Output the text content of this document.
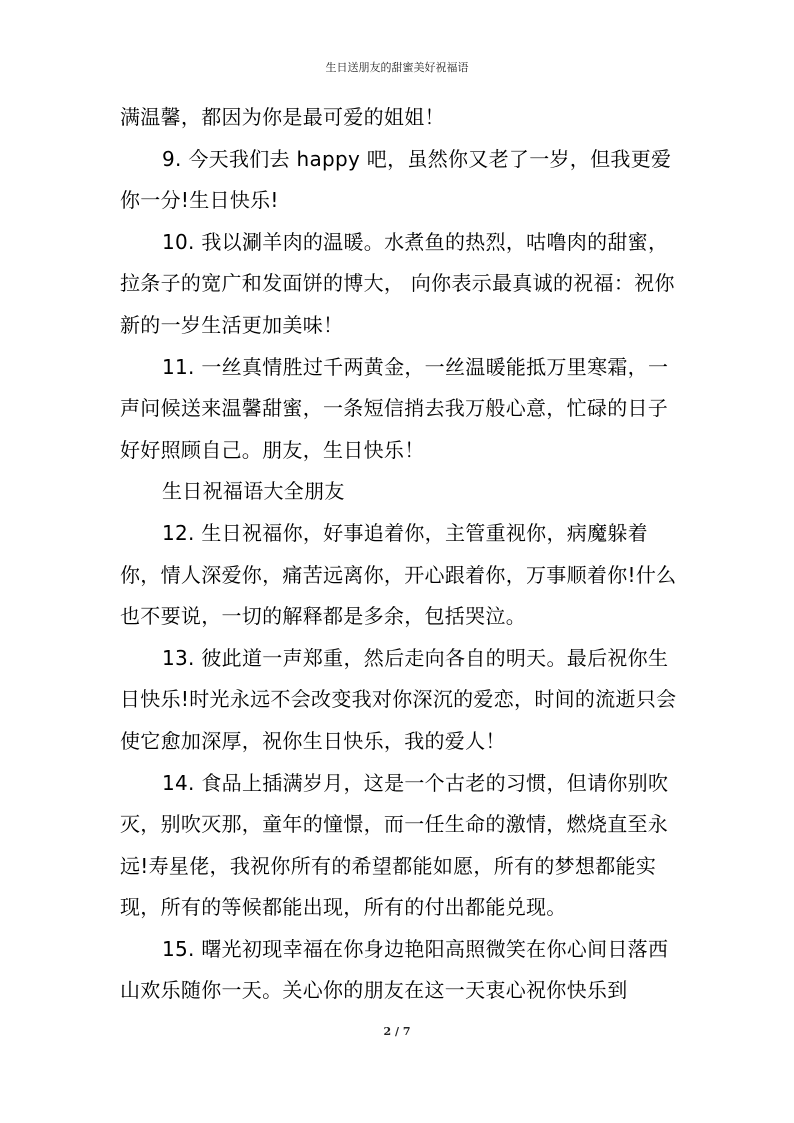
生日送朋友的甜蜜美好祝福语

满温馨，都因为你是最可爱的姐姐！

9. 今天我们去 happy 吧，虽然你又老了一岁，但我更爱你一分!生日快乐!

10. 我以涮羊肉的温暖。水煮鱼的热烈，咕噜肉的甜蜜，拉条子的宽广和发面饼的博大， 向你表示最真诚的祝福：祝你新的一岁生活更加美味！

11. 一丝真情胜过千两黄金，一丝温暖能抵万里寒霜，一声问候送来温馨甜蜜，一条短信捎去我万般心意，忙碌的日子好好照顾自己。朋友，生日快乐！

生日祝福语大全朋友

12. 生日祝福你，好事追着你，主管重视你，病魔躲着你，情人深爱你，痛苦远离你，开心跟着你，万事顺着你!什么也不要说，一切的解释都是多余，包括哭泣。

13. 彼此道一声郑重，然后走向各自的明天。最后祝你生日快乐!时光永远不会改变我对你深沉的爱恋，时间的流逝只会使它愈加深厚，祝你生日快乐，我的爱人！

14. 食品上插满岁月，这是一个古老的习惯，但请你别吹灭，别吹灭那，童年的憧憬，而一任生命的激情，燃烧直至永远!寿星佬，我祝你所有的希望都能如愿，所有的梦想都能实现，所有的等候都能出现，所有的付出都能兑现。

15. 曙光初现幸福在你身边艳阳高照微笑在你心间日落西山欢乐随你一天。关心你的朋友在这一天衷心祝你快乐到

2 / 7
